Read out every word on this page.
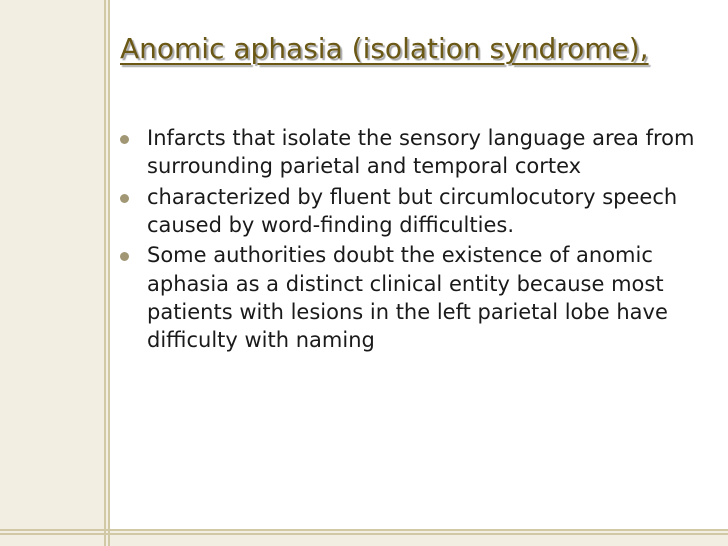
Anomic aphasia (isolation syndrome),
Infarcts that isolate the sensory language area from surrounding parietal and temporal cortex
characterized by fluent but circumlocutory speech caused by word-finding difficulties.
Some authorities doubt the existence of anomic aphasia as a distinct clinical entity because most patients with lesions in the left parietal lobe have difficulty with naming
